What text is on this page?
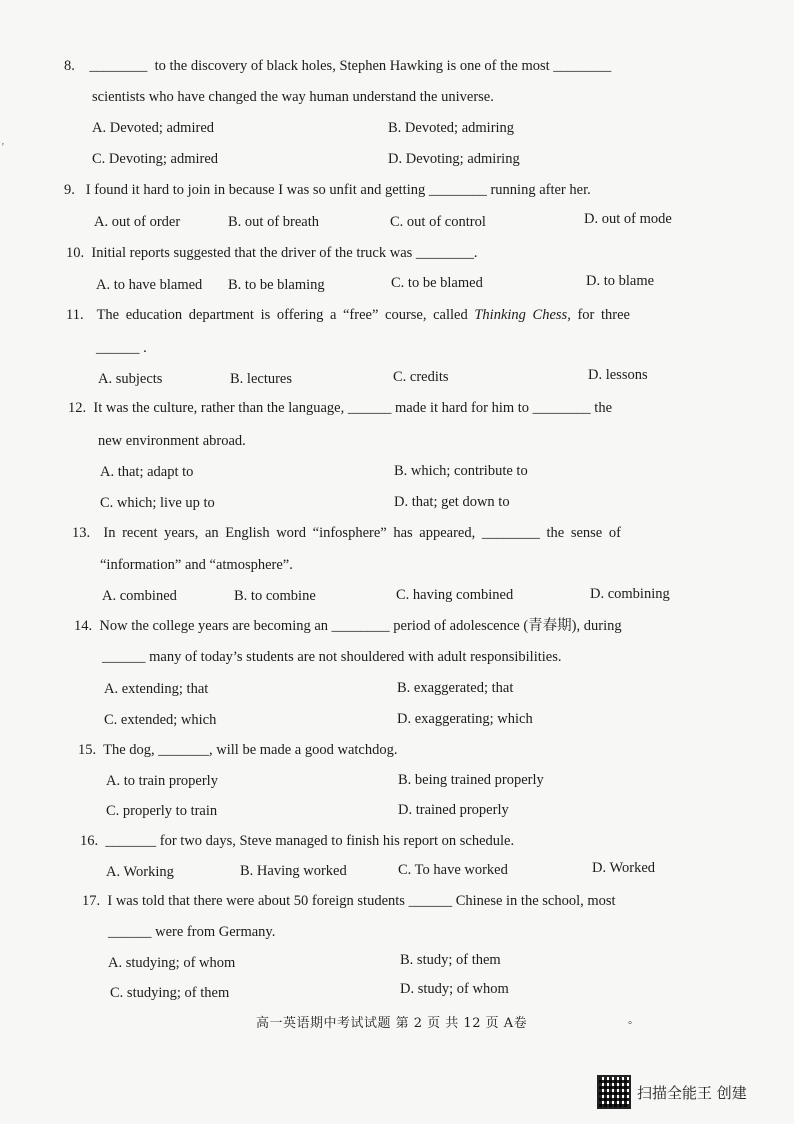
8.    ________  to the discovery of black holes, Stephen Hawking is one of the most ________
scientists who have changed the way human understand the universe.
A. Devoted; admired	B. Devoted; admiring
C. Devoting; admired	D. Devoting; admiring
9.   I found it hard to join in because I was so unfit and getting ________ running after her.
A. out of order	B. out of breath	C. out of control	D. out of mode
10.  Initial reports suggested that the driver of the truck was ________.
A. to have blamed B. to be blaming	C. to be blamed	D. to blame
11.  The education department is offering a “free” course, called Thinking Chess, for three
______ .
A. subjects	B. lectures	C. credits	D. lessons
12.  It was the culture, rather than the language, ______ made it hard for him to ________ the
new environment abroad.
A. that; adapt to	B. which; contribute to
C. which; live up to	D. that; get down to
13.  In recent years, an English word “infosphere” has appeared, ________ the sense of
“information” and “atmosphere”.
A. combined	B. to combine	C. having combined	D. combining
14.  Now the college years are becoming an ________ period of adolescence (青春期), during
______ many of today’s students are not shouldered with adult responsibilities.
A. extending; that	B. exaggerated; that
C. extended; which	D. exaggerating; which
15.  The dog, _______, will be made a good watchdog.
A. to train properly	B. being trained properly
C. properly to train	D. trained properly
16.  _______ for two days, Steve managed to finish his report on schedule.
A. Working	B. Having worked	C. To have worked	D. Worked
17.  I was told that there were about 50 foreign students ______ Chinese in the school, most
______ were from Germany.
A. studying; of whom	B. study; of them
C. studying; of them	D. study; of whom
高一英语期中考试试题 第 2 页 共 12 页 A卷
'
°
扫描全能王 创建
